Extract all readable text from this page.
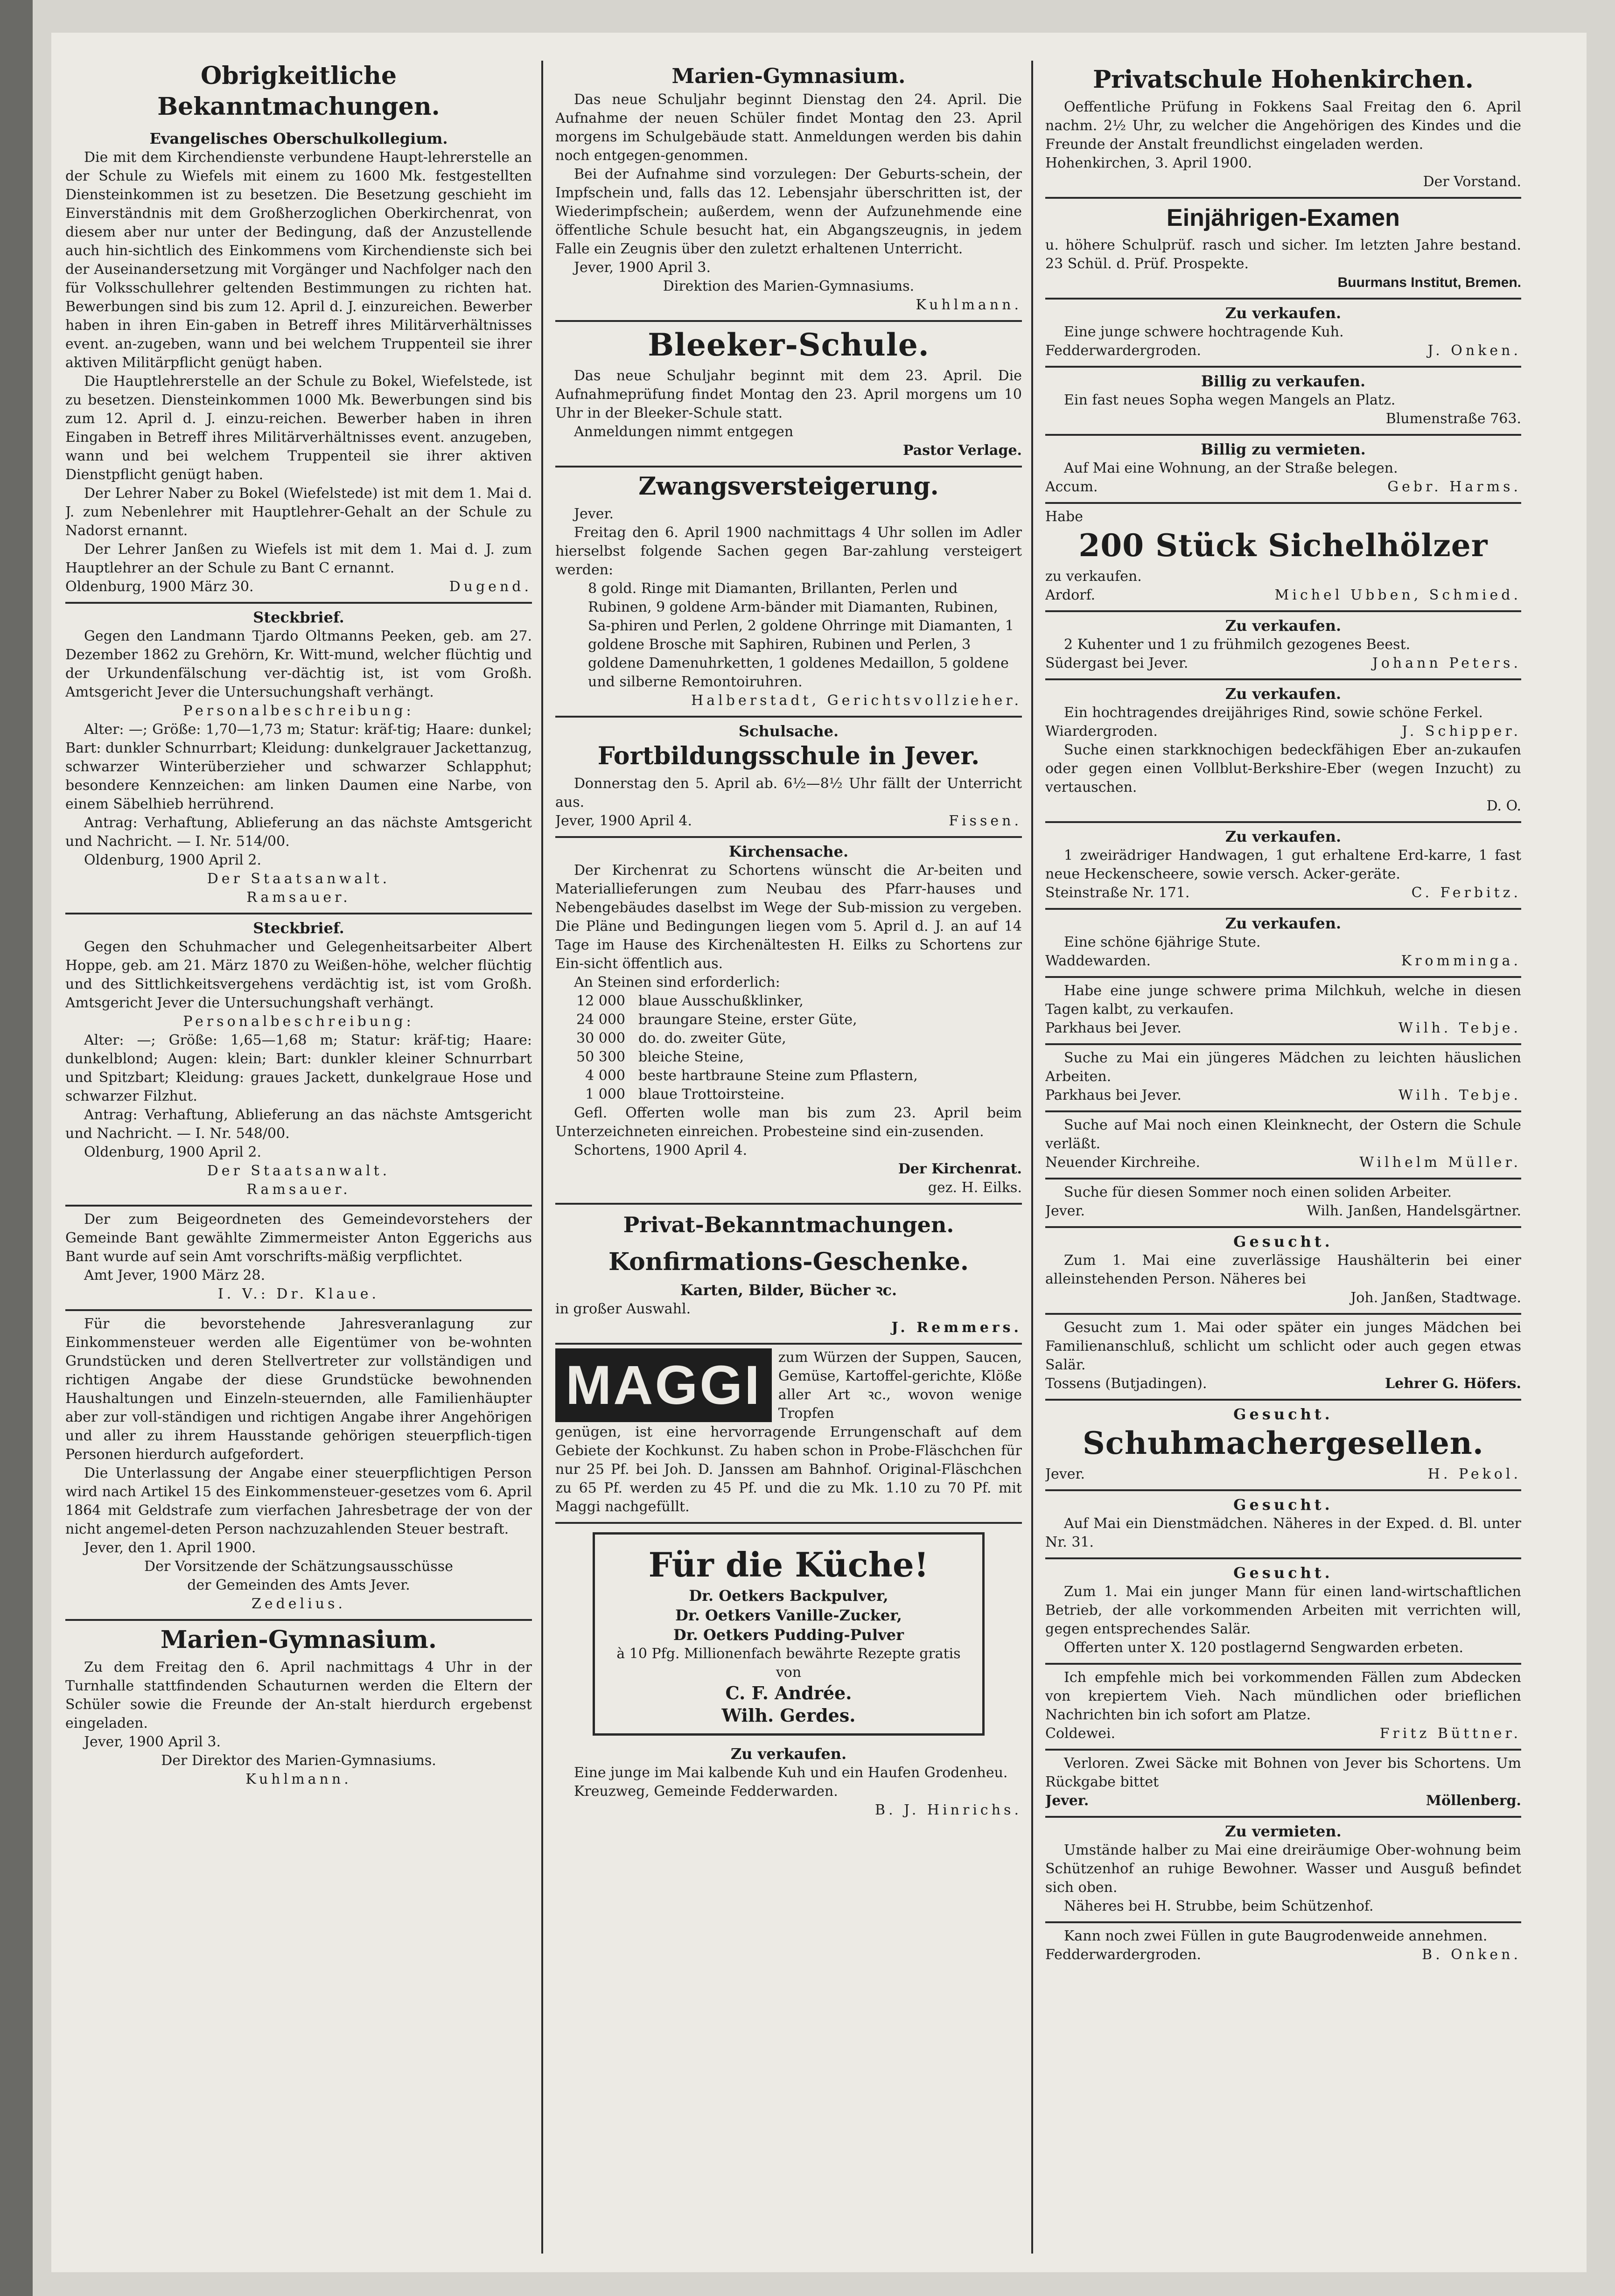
Obrigkeitliche Bekanntmachungen.
Evangelisches Oberschulkollegium.
Die mit dem Kirchendienste verbundene Haupt-lehrerstelle an der Schule zu Wiefels mit einem zu 1600 Mk. festgestellten Diensteinkommen ist zu besetzen. Die Besetzung geschieht im Einverständnis mit dem Großherzoglichen Oberkirchenrat, von diesem aber nur unter der Bedingung, daß der Anzustellende auch hin-sichtlich des Einkommens vom Kirchendienste sich bei der Auseinandersetzung mit Vorgänger und Nachfolger nach den für Volksschullehrer geltenden Bestimmungen zu richten hat. Bewerbungen sind bis zum 12. April d. J. einzureichen. Bewerber haben in ihren Ein-gaben in Betreff ihres Militärverhältnisses event. an-zugeben, wann und bei welchem Truppenteil sie ihrer aktiven Militärpflicht genügt haben.
Die Hauptlehrerstelle an der Schule zu Bokel, Wiefelstede, ist zu besetzen. Diensteinkommen 1000 Mk. Bewerbungen sind bis zum 12. April d. J. einzu-reichen. Bewerber haben in ihren Eingaben in Betreff ihres Militärverhältnisses event. anzugeben, wann und bei welchem Truppenteil sie ihrer aktiven Dienstpflicht genügt haben.
Der Lehrer Naber zu Bokel (Wiefelstede) ist mit dem 1. Mai d. J. zum Nebenlehrer mit Hauptlehrer-Gehalt an der Schule zu Nadorst ernannt.
Der Lehrer Janßen zu Wiefels ist mit dem 1. Mai d. J. zum Hauptlehrer an der Schule zu Bant C ernannt.
Oldenburg, 1900 März 30.	Dugend.
Steckbrief.
Gegen den Landmann Tjardo Oltmanns Peeken, geb. am 27. Dezember 1862 zu Grehörn, Kr. Witt-mund, welcher flüchtig und der Urkundenfälschung ver-dächtig ist, ist vom Großh. Amtsgericht Jever die Untersuchungshaft verhängt.
Personalbeschreibung:
Alter: —; Größe: 1,70—1,73 m; Statur: kräf-tig; Haare: dunkel; Bart: dunkler Schnurrbart; Kleidung: dunkelgrauer Jackettanzug, schwarzer Winterüberzieher und schwarzer Schlapphut; besondere Kennzeichen: am linken Daumen eine Narbe, von einem Säbelhieb herrührend.
Antrag: Verhaftung, Ablieferung an das nächste Amtsgericht und Nachricht. — I. Nr. 514/00.
Oldenburg, 1900 April 2.
Der Staatsanwalt.
Ramsauer.
Steckbrief.
Gegen den Schuhmacher und Gelegenheitsarbeiter Albert Hoppe, geb. am 21. März 1870 zu Weißen-höhe, welcher flüchtig und des Sittlichkeitsvergehens verdächtig ist, ist vom Großh. Amtsgericht Jever die Untersuchungshaft verhängt.
Personalbeschreibung:
Alter: —; Größe: 1,65—1,68 m; Statur: kräf-tig; Haare: dunkelblond; Augen: klein; Bart: dunkler kleiner Schnurrbart und Spitzbart; Kleidung: graues Jackett, dunkelgraue Hose und schwarzer Filzhut.
Antrag: Verhaftung, Ablieferung an das nächste Amtsgericht und Nachricht. — I. Nr. 548/00.
Oldenburg, 1900 April 2.
Der Staatsanwalt.
Ramsauer.
Der zum Beigeordneten des Gemeindevorstehers der Gemeinde Bant gewählte Zimmermeister Anton Eggerichs aus Bant wurde auf sein Amt vorschrifts-mäßig verpflichtet.
Amt Jever, 1900 März 28.
I. V.: Dr. Klaue.
Für die bevorstehende Jahresveranlagung zur Einkommensteuer werden alle Eigentümer von be-wohnten Grundstücken und deren Stellvertreter zur vollständigen und richtigen Angabe der diese Grundstücke bewohnenden Haushaltungen und Einzeln-steuernden, alle Familienhäupter aber zur voll-ständigen und richtigen Angabe ihrer Angehörigen und aller zu ihrem Hausstande gehörigen steuerpflich-tigen Personen hierdurch aufgefordert.
Die Unterlassung der Angabe einer steuerpflichtigen Person wird nach Artikel 15 des Einkommensteuer-gesetzes vom 6. April 1864 mit Geldstrafe zum vierfachen Jahresbetrage der von der nicht angemel-deten Person nachzuzahlenden Steuer bestraft.
Jever, den 1. April 1900.
Der Vorsitzende der Schätzungsausschüsse
der Gemeinden des Amts Jever.
Zedelius.
Marien-Gymnasium.
Zu dem Freitag den 6. April nachmittags 4 Uhr in der Turnhalle stattfindenden Schauturnen werden die Eltern der Schüler sowie die Freunde der An-stalt hierdurch ergebenst eingeladen.
Jever, 1900 April 3.
Der Direktor des Marien-Gymnasiums.
Kuhlmann.
Marien-Gymnasium.
Das neue Schuljahr beginnt Dienstag den 24. April. Die Aufnahme der neuen Schüler findet Montag den 23. April morgens im Schulgebäude statt. Anmeldungen werden bis dahin noch entgegen-genommen.
Bei der Aufnahme sind vorzulegen: Der Geburts-schein, der Impfschein und, falls das 12. Lebensjahr überschritten ist, der Wiederimpfschein; außerdem, wenn der Aufzunehmende eine öffentliche Schule besucht hat, ein Abgangszeugnis, in jedem Falle ein Zeugnis über den zuletzt erhaltenen Unterricht.
Jever, 1900 April 3.
Direktion des Marien-Gymnasiums.
Kuhlmann.
Bleeker-Schule.
Das neue Schuljahr beginnt mit dem 23. April. Die Aufnahmeprüfung findet Montag den 23. April morgens um 10 Uhr in der Bleeker-Schule statt.
Anmeldungen nimmt entgegen
Pastor Verlage.
Zwangsversteigerung.
Jever.
Freitag den 6. April 1900 nachmittags 4 Uhr sollen im Adler hierselbst folgende Sachen gegen Bar-zahlung versteigert werden:
8 gold. Ringe mit Diamanten, Brillanten, Perlen und Rubinen, 9 goldene Arm-bänder mit Diamanten, Rubinen, Sa-phiren und Perlen, 2 goldene Ohrringe mit Diamanten, 1 goldene Brosche mit Saphiren, Rubinen und Perlen, 3 goldene Damenuhrketten, 1 goldenes Medaillon, 5 goldene und silberne Remontoiruhren.
Halberstadt, Gerichtsvollzieher.
Schulsache.
Fortbildungsschule in Jever.
Donnerstag den 5. April ab. 6½—8½ Uhr fällt der Unterricht aus.
Jever, 1900 April 4.	Fissen.
Kirchensache.
Der Kirchenrat zu Schortens wünscht die Ar-beiten und Materiallieferungen zum Neubau des Pfarr-hauses und Nebengebäudes daselbst im Wege der Sub-mission zu vergeben. Die Pläne und Bedingungen liegen vom 5. April d. J. an auf 14 Tage im Hause des Kirchenältesten H. Eilks zu Schortens zur Ein-sicht öffentlich aus.
An Steinen sind erforderlich:
12 000 blaue Ausschußklinker,
24 000 braungare Steine, erster Güte,
30 000 do. do. zweiter Güte,
50 300 bleiche Steine,
4 000 beste hartbraune Steine zum Pflastern,
1 000 blaue Trottoirsteine.
Gefl. Offerten wolle man bis zum 23. April beim Unterzeichneten einreichen. Probesteine sind ein-zusenden.
Schortens, 1900 April 4.
Der Kirchenrat.
gez. H. Eilks.
Privat-Bekanntmachungen.
Konfirmations-Geschenke.
Karten, Bilder, Bücher ꝛc.
in großer Auswahl.
J. Remmers.
MAGGI	zum Würzen der Suppen, Saucen, Gemüse, Kartoffel-gerichte, Klöße aller Art ꝛc., wovon wenige Tropfen
genügen, ist eine hervorragende Errungenschaft auf dem Gebiete der Kochkunst. Zu haben schon in Probe-Fläschchen für nur 25 Pf. bei Joh. D. Janssen am Bahnhof. Original-Fläschchen zu 65 Pf. werden zu 45 Pf. und die zu Mk. 1.10 zu 70 Pf. mit Maggi nachgefüllt.
Für die Küche!
Dr. Oetkers Backpulver,
Dr. Oetkers Vanille-Zucker,
Dr. Oetkers Pudding-Pulver
à 10 Pfg. Millionenfach bewährte Rezepte gratis von
C. F. Andrée.
Wilh. Gerdes.
Zu verkaufen.
Eine junge im Mai kalbende Kuh und ein Haufen Grodenheu.
Kreuzweg, Gemeinde Fedderwarden.
B. J. Hinrichs.
Privatschule Hohenkirchen.
Oeffentliche Prüfung in Fokkens Saal Freitag den 6. April nachm. 2½ Uhr, zu welcher die Angehörigen des Kindes und die Freunde der Anstalt freundlichst eingeladen werden.
Hohenkirchen, 3. April 1900.
Der Vorstand.
Einjährigen-Examen
u. höhere Schulprüf. rasch und sicher. Im letzten Jahre bestand. 23 Schül. d. Prüf. Prospekte.
Buurmans Institut, Bremen.
Zu verkaufen.
Eine junge schwere hochtragende Kuh.
Fedderwardergroden.	J. Onken.
Billig zu verkaufen.
Ein fast neues Sopha wegen Mangels an Platz.
Blumenstraße 763.
Billig zu vermieten.
Auf Mai eine Wohnung, an der Straße belegen.
Accum.	Gebr. Harms.
Habe
200 Stück Sichelhölzer
zu verkaufen.
Ardorf.	Michel Ubben, Schmied.
Zu verkaufen.
2 Kuhenter und 1 zu frühmilch gezogenes Beest.
Südergast bei Jever.	Johann Peters.
Zu verkaufen.
Ein hochtragendes dreijähriges Rind, sowie schöne Ferkel.
Wiardergroden.	J. Schipper.
Suche einen starkknochigen bedeckfähigen Eber an-zukaufen oder gegen einen Vollblut-Berkshire-Eber (wegen Inzucht) zu vertauschen.
D. O.
Zu verkaufen.
1 zweirädriger Handwagen, 1 gut erhaltene Erd-karre, 1 fast neue Heckenscheere, sowie versch. Acker-geräte.
Steinstraße Nr. 171.	C. Ferbitz.
Zu verkaufen.
Eine schöne 6jährige Stute.
Waddewarden.	Kromminga.
Habe eine junge schwere prima Milchkuh, welche in diesen Tagen kalbt, zu verkaufen.
Parkhaus bei Jever.	Wilh. Tebje.
Suche zu Mai ein jüngeres Mädchen zu leichten häuslichen Arbeiten.
Parkhaus bei Jever.	Wilh. Tebje.
Suche auf Mai noch einen Kleinknecht, der Ostern die Schule verläßt.
Neuender Kirchreihe.	Wilhelm Müller.
Suche für diesen Sommer noch einen soliden Arbeiter.
Jever.	Wilh. Janßen, Handelsgärtner.
Gesucht.
Zum 1. Mai eine zuverlässige Haushälterin bei einer alleinstehenden Person. Näheres bei
Joh. Janßen, Stadtwage.
Gesucht zum 1. Mai oder später ein junges Mädchen bei Familienanschluß, schlicht um schlicht oder auch gegen etwas Salär.
Tossens (Butjadingen).	Lehrer G. Höfers.
Gesucht.
Schuhmachergesellen.
Jever.	H. Pekol.
Gesucht.
Auf Mai ein Dienstmädchen. Näheres in der Exped. d. Bl. unter Nr. 31.
Gesucht.
Zum 1. Mai ein junger Mann für einen land-wirtschaftlichen Betrieb, der alle vorkommenden Arbeiten mit verrichten will, gegen entsprechendes Salär.
Offerten unter X. 120 postlagernd Sengwarden erbeten.
Ich empfehle mich bei vorkommenden Fällen zum Abdecken von krepiertem Vieh. Nach mündlichen oder brieflichen Nachrichten bin ich sofort am Platze.
Coldewei.	Fritz Büttner.
Verloren. Zwei Säcke mit Bohnen von Jever bis Schortens. Um Rückgabe bittet
Jever.	Möllenberg.
Zu vermieten.
Umstände halber zu Mai eine dreiräumige Ober-wohnung beim Schützenhof an ruhige Bewohner. Wasser und Ausguß befindet sich oben.
Näheres bei H. Strubbe, beim Schützenhof.
Kann noch zwei Füllen in gute Baugrodenweide annehmen.
Fedderwardergroden.	B. Onken.
